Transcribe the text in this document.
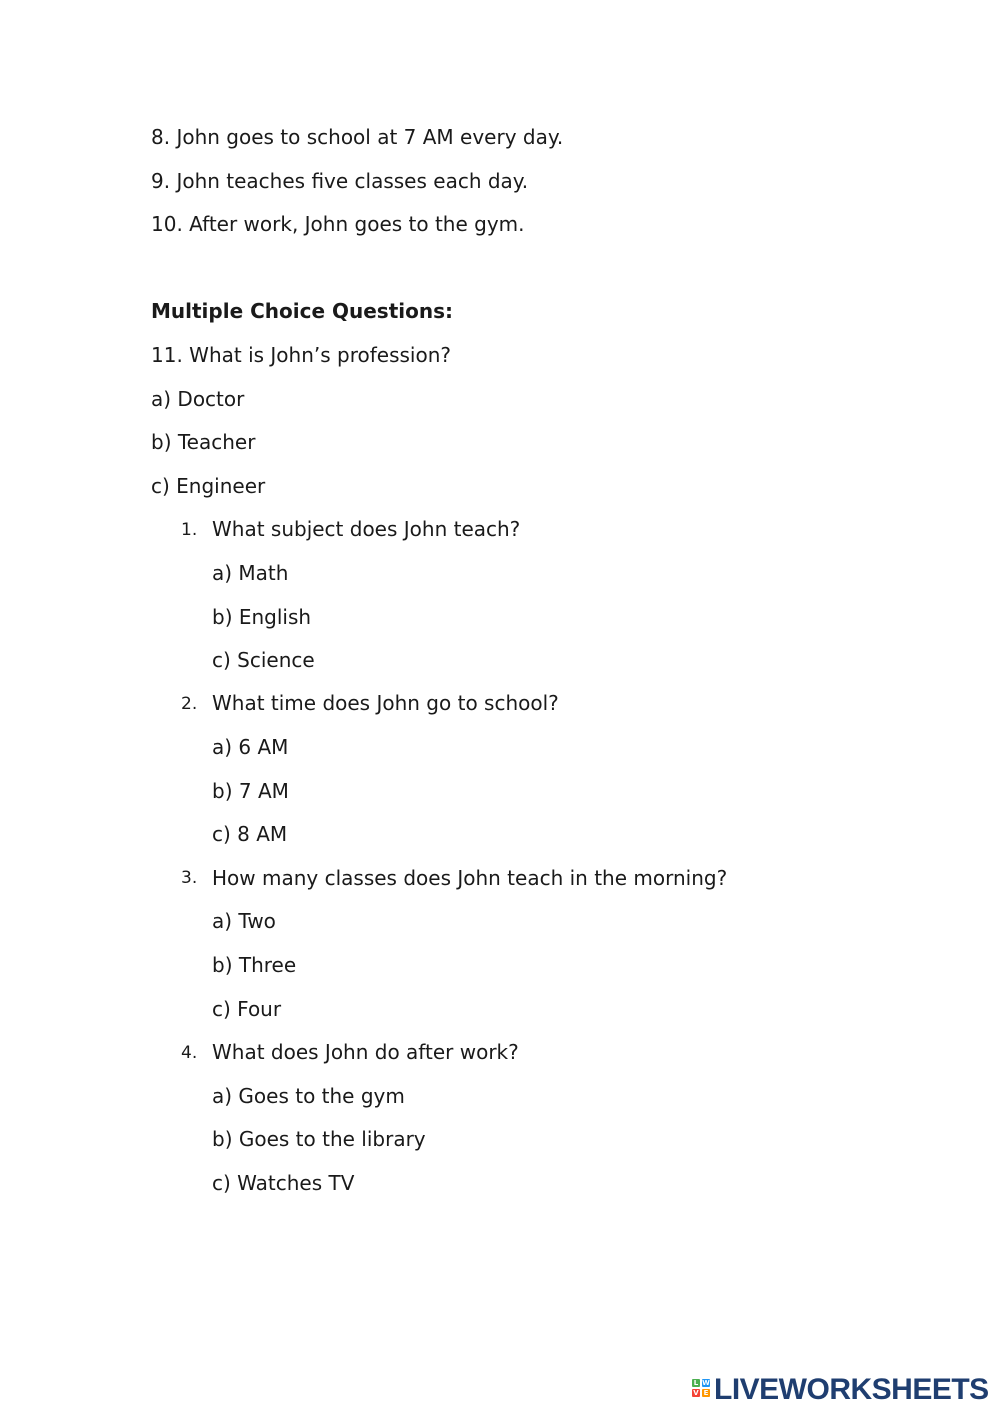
8. John goes to school at 7 AM every day.
9. John teaches five classes each day.
10. After work, John goes to the gym.
Multiple Choice Questions:
11. What is John’s profession?
a) Doctor
b) Teacher
c) Engineer
1. What subject does John teach?
a) Math
b) English
c) Science
2. What time does John go to school?
a) 6 AM
b) 7 AM
c) 8 AM
3. How many classes does John teach in the morning?
a) Two
b) Three
c) Four
4. What does John do after work?
a) Goes to the gym
b) Goes to the library
c) Watches TV
L W
V E LIVEWORKSHEETS
